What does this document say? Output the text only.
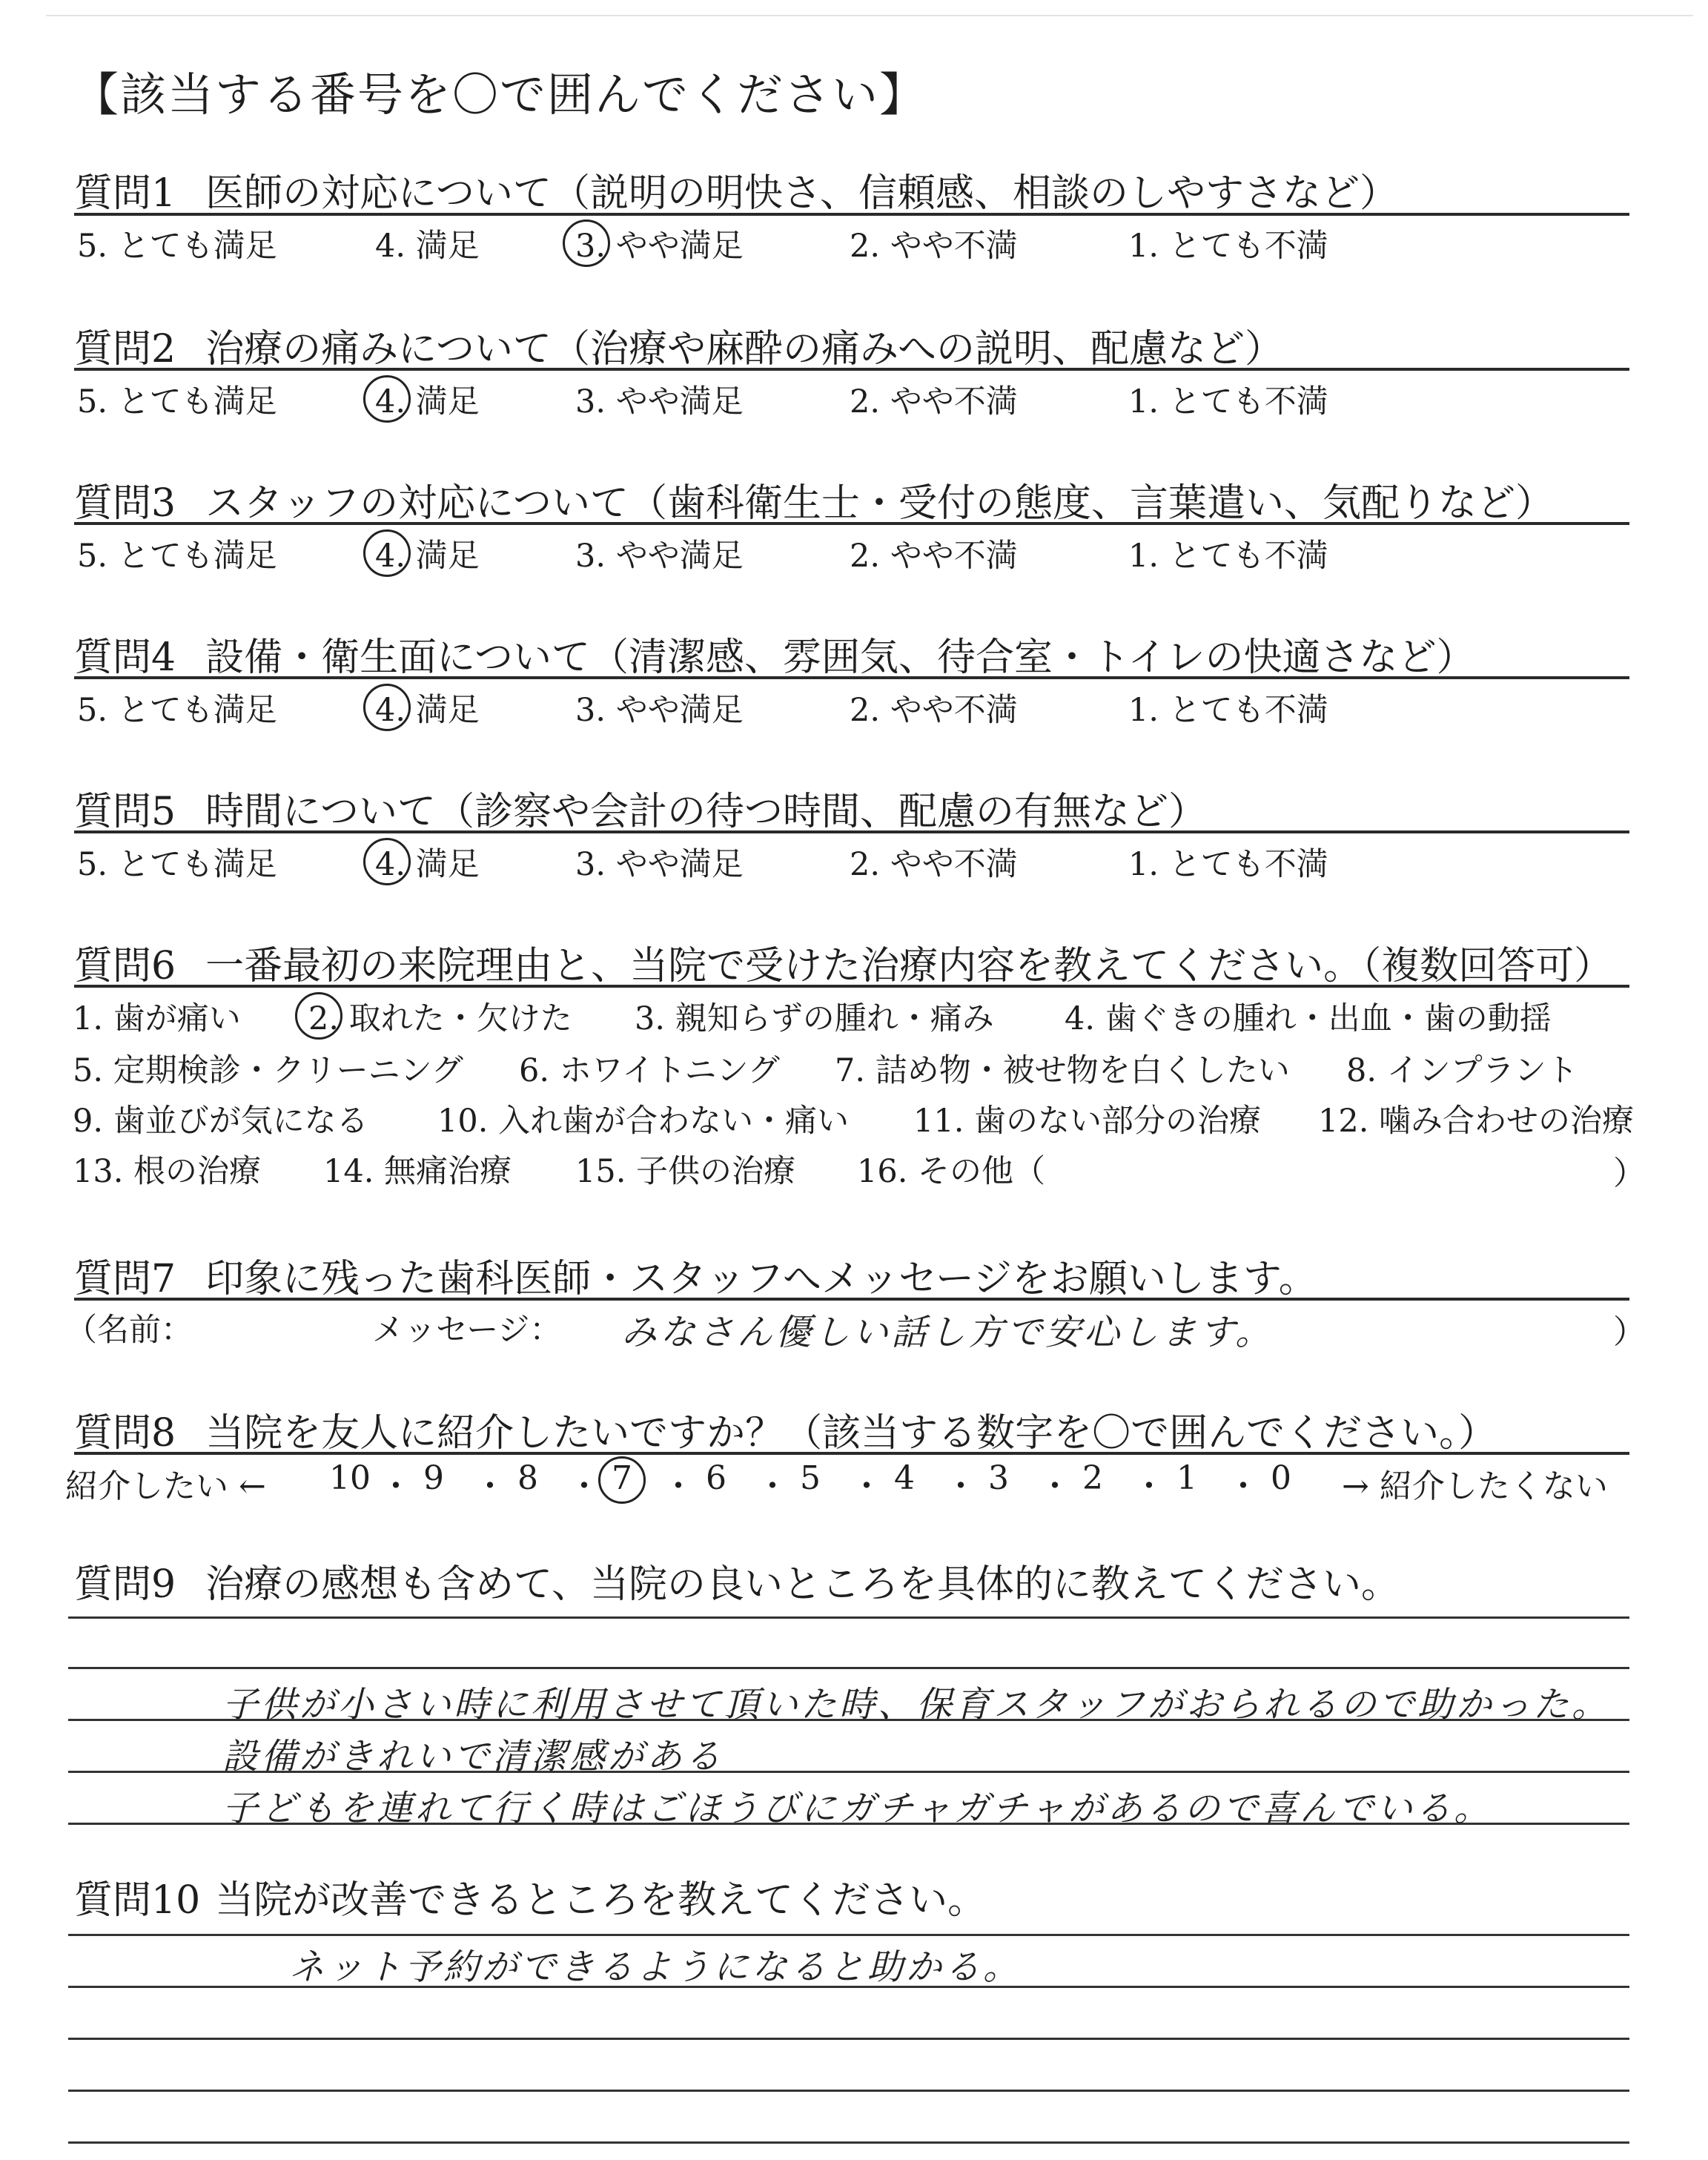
【該当する番号を〇で囲んでください】
質問1 医師の対応について（説明の明快さ、信頼感、相談のしやすさなど）
5. とても満足	4. 満足	3. やや満足	2. やや不満	1. とても不満
質問2 治療の痛みについて（治療や麻酔の痛みへの説明、配慮など）
5. とても満足	4. 満足	3. やや満足	2. やや不満	1. とても不満
質問3 スタッフの対応について（歯科衛生士・受付の態度、言葉遣い、気配りなど）
5. とても満足	4. 満足	3. やや満足	2. やや不満	1. とても不満
質問4 設備・衛生面について（清潔感、雰囲気、待合室・トイレの快適さなど）
5. とても満足	4. 満足	3. やや満足	2. やや不満	1. とても不満
質問5 時間について（診察や会計の待つ時間、配慮の有無など）
5. とても満足	4. 満足	3. やや満足	2. やや不満	1. とても不満
質問6 一番最初の来院理由と、当院で受けた治療内容を教えてください。（複数回答可）
1. 歯が痛い 2. 取れた・欠けた 3. 親知らずの腫れ・痛み 4. 歯ぐきの腫れ・出血・歯の動揺
5. 定期検診・クリーニング 6. ホワイトニング 7. 詰め物・被せ物を白くしたい 8. インプラント
9. 歯並びが気になる 10. 入れ歯が合わない・痛い 11. 歯のない部分の治療 12. 噛み合わせの治療
13. 根の治療 14. 無痛治療 15. 子供の治療 16. その他（	）
質問7 印象に残った歯科医師・スタッフへメッセージをお願いします。
（名前：	メッセージ： みなさん優しい話し方で安心します。	）
質問8 当院を友人に紹介したいですか？（該当する数字を〇で囲んでください。）
紹介したい ← 10 ・ 9 ・ 8 ・ 7 ・ 6 ・ 5 ・ 4 ・ 3 ・ 2 ・ 1 ・ 0 → 紹介したくない
質問9 治療の感想も含めて、当院の良いところを具体的に教えてください。
子供が小さい時に利用させて頂いた時、保育スタッフがおられるので助かった。
設備がきれいで清潔感がある
子どもを連れて行く時はごほうびにガチャガチャがあるので喜んでいる。
質問10 当院が改善できるところを教えてください。
ネット予約ができるようになると助かる。
